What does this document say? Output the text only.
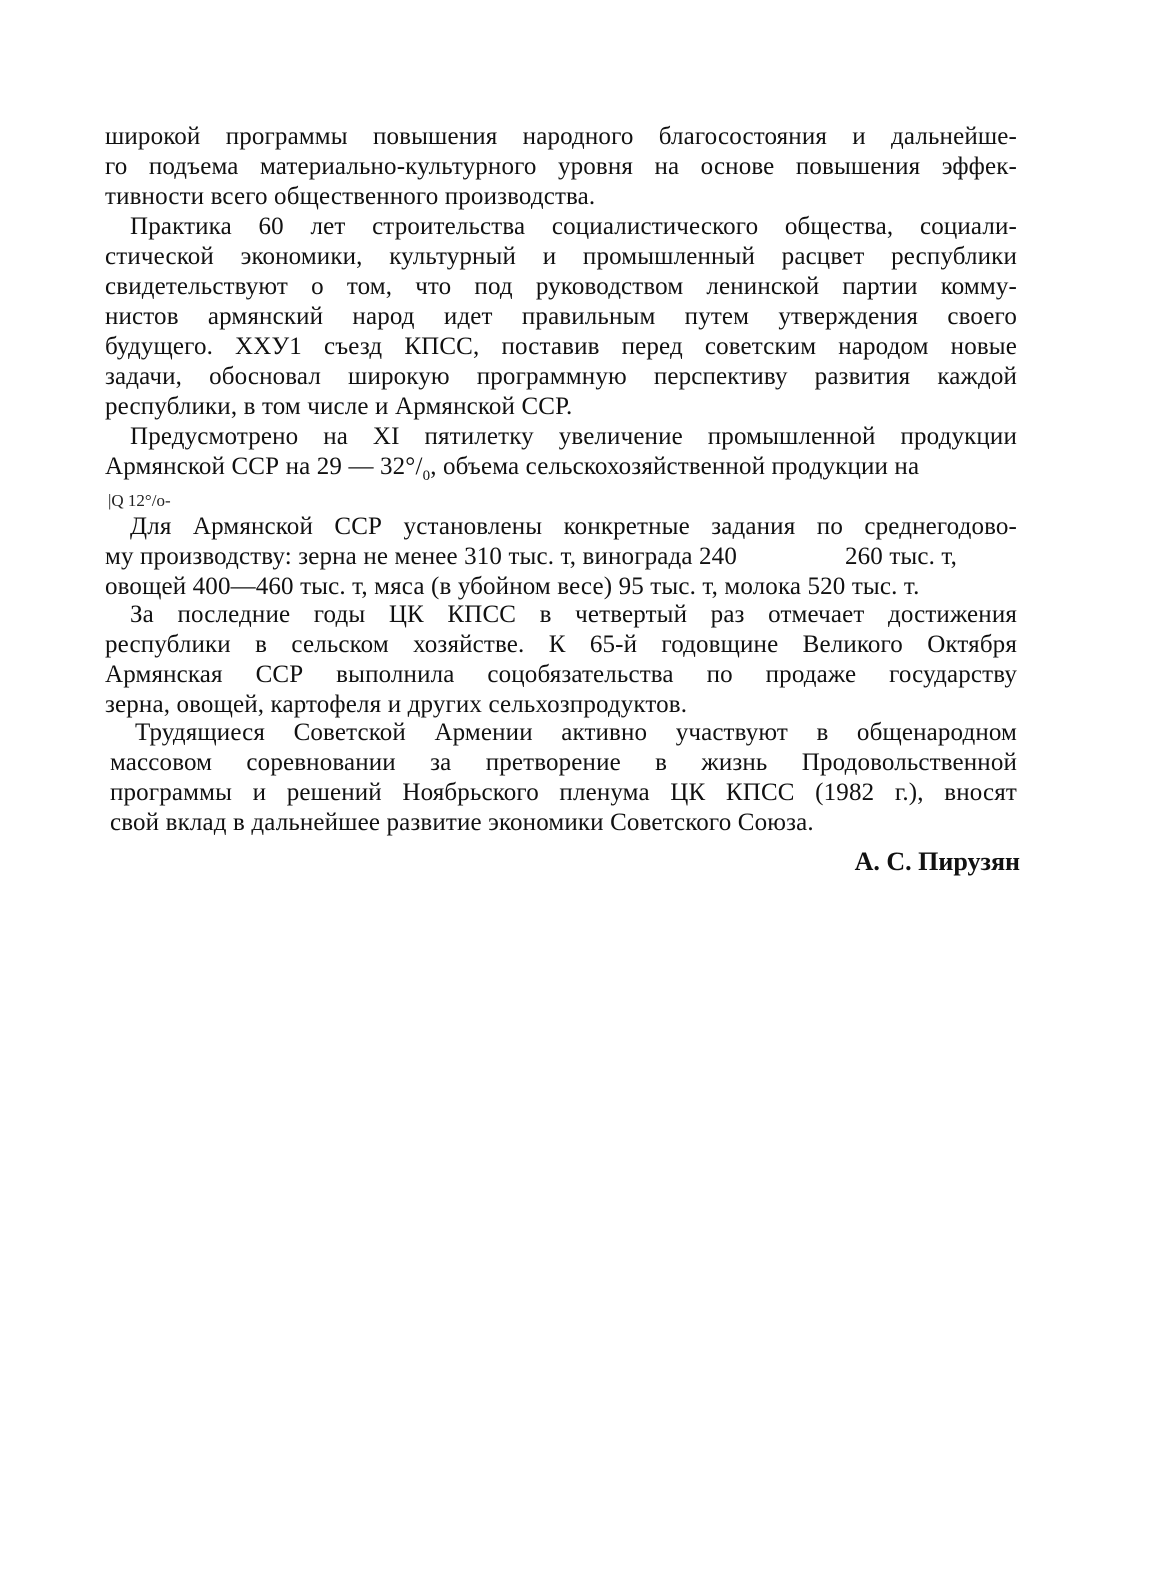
широкой программы повышения народного благосостояния и дальнейше-
го подъема материально-культурного уровня на основе повышения эффек-
тивности всего общественного производства.
Практика 60 лет строительства социалистического общества, социали-
стической экономики, культурный и промышленный расцвет республики
свидетельствуют о том, что под руководством ленинской партии комму-
нистов армянский народ идет правильным путем утверждения своего
будущего. ХХУ1 съезд КПСС, поставив перед советским народом новые
задачи, обосновал широкую программную перспективу развития каждой
республики, в том числе и Армянской ССР.
Предусмотрено на XI пятилетку увеличение промышленной продукции
Армянской ССР на 29 — $32^\circ/_0$, объема сельскохозяйственной продукции на
|Q 12°/о-
Для Армянской ССР установлены конкретные задания по среднегодово-
му производству: зерна не менее 310 тыс. т, винограда 240	260 тыс. т,
овощей 400—460 тыс. т, мяса (в убойном весе) 95 тыс. т, молока 520 тыс. т.
За последние годы ЦК КПСС в четвертый раз отмечает достижения
республики в сельском хозяйстве. К 65-й годовщине Великого Октября
Армянская ССР выполнила соцобязательства по продаже государству
зерна, овощей, картофеля и других сельхозпродуктов.
Трудящиеся Советской Армении активно участвуют в общенародном
массовом соревновании за претворение в жизнь Продовольственной
программы и решений Ноябрьского пленума ЦК КПСС (1982 г.), вносят
свой вклад в дальнейшее развитие экономики Советского Союза.
А. С. Пирузян
